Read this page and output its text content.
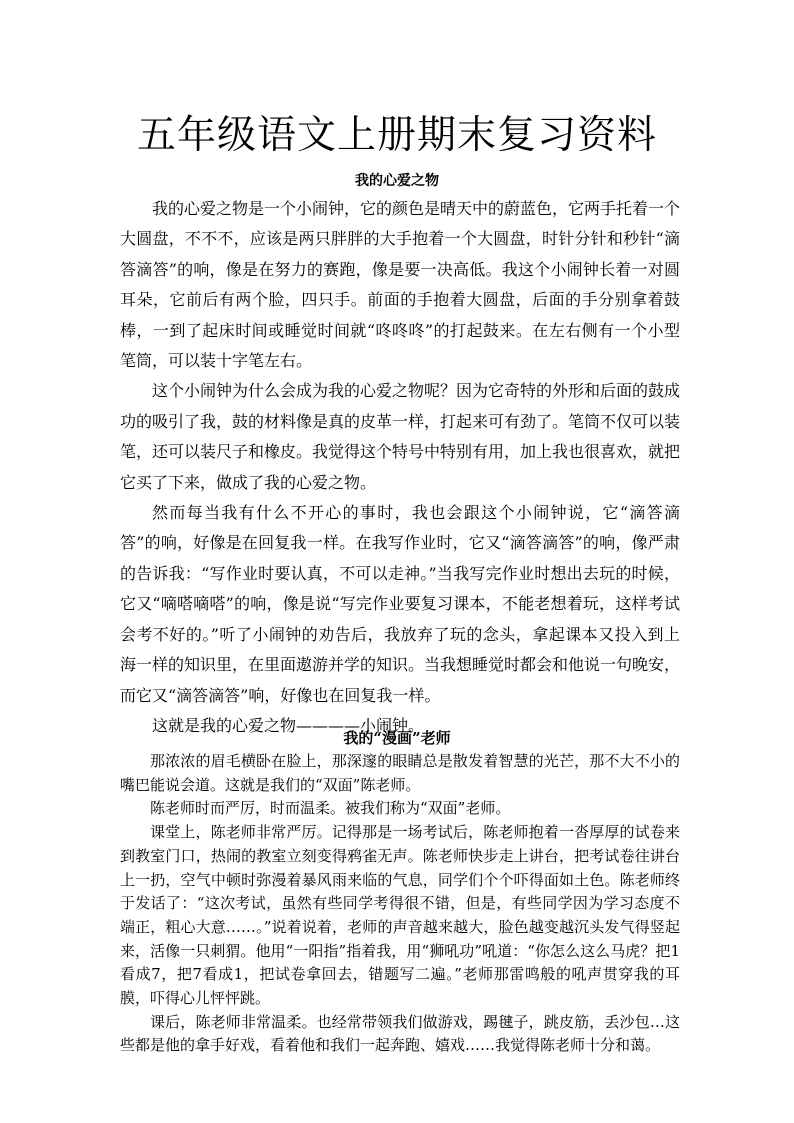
五年级语文上册期末复习资料
我的心爱之物

我的心爱之物是一个小闹钟，它的颜色是晴天中的蔚蓝色，它两手托着一个大圆盘，不不不，应该是两只胖胖的大手抱着一个大圆盘，时针分针和秒针“滴答滴答”的响，像是在努力的赛跑，像是要一决高低。我这个小闹钟长着一对圆耳朵，它前后有两个脸，四只手。前面的手抱着大圆盘，后面的手分别拿着鼓棒，一到了起床时间或睡觉时间就“咚咚咚”的打起鼓来。在左右侧有一个小型笔筒，可以装十字笔左右。

这个小闹钟为什么会成为我的心爱之物呢？因为它奇特的外形和后面的鼓成功的吸引了我，鼓的材料像是真的皮革一样，打起来可有劲了。笔筒不仅可以装笔，还可以装尺子和橡皮。我觉得这个特号中特别有用，加上我也很喜欢，就把它买了下来，做成了我的心爱之物。

然而每当我有什么不开心的事时，我也会跟这个小闹钟说，它“滴答滴答”的响，好像是在回复我一样。在我写作业时，它又“滴答滴答”的响，像严肃的告诉我：“写作业时要认真，不可以走神。”当我写完作业时想出去玩的时候，它又“嘀嗒嘀嗒”的响，像是说“写完作业要复习课本，不能老想着玩，这样考试会考不好的。”听了小闹钟的劝告后，我放弃了玩的念头，拿起课本又投入到上海一样的知识里，在里面遨游并学的知识。当我想睡觉时都会和他说一句晚安，而它又“滴答滴答”响，好像也在回复我一样。

这就是我的心爱之物————小闹钟。

我的“漫画”老师

那浓浓的眉毛横卧在脸上，那深邃的眼睛总是散发着智慧的光芒，那不大不小的嘴巴能说会道。这就是我们的“双面”陈老师。

陈老师时而严厉，时而温柔。被我们称为“双面”老师。

课堂上，陈老师非常严厉。记得那是一场考试后，陈老师抱着一沓厚厚的试卷来到教室门口，热闹的教室立刻变得鸦雀无声。陈老师快步走上讲台，把考试卷往讲台上一扔，空气中顿时弥漫着暴风雨来临的气息，同学们个个吓得面如土色。陈老师终于发话了：“这次考试，虽然有些同学考得很不错，但是，有些同学因为学习态度不端正，粗心大意……。”说着说着，老师的声音越来越大，脸色越变越沉头发气得竖起来，活像一只刺猬。他用“一阳指”指着我，用“狮吼功”吼道：“你怎么这么马虎？把1看成7，把7看成1，把试卷拿回去，错题写二遍。”老师那雷鸣般的吼声贯穿我的耳膜，吓得心儿怦怦跳。

课后，陈老师非常温柔。也经常带领我们做游戏，踢毽子，跳皮筋，丢沙包…这些都是他的拿手好戏，看着他和我们一起奔跑、嬉戏……我觉得陈老师十分和蔼。
